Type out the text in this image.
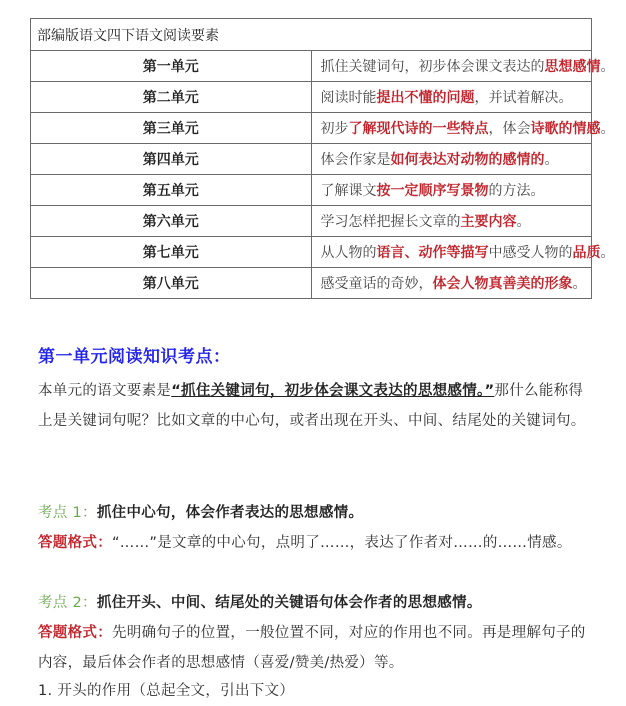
部编版语文四下语文阅读要素	
第一单元	抓住关键词句，初步体会课文表达的思想感情。
第二单元	阅读时能提出不懂的问题，并试着解决。
第三单元	初步了解现代诗的一些特点，体会诗歌的情感。
第四单元	体会作家是如何表达对动物的感情的。
第五单元	了解课文按一定顺序写景物的方法。
第六单元	学习怎样把握长文章的主要内容。
第七单元	从人物的语言、动作等描写中感受人物的品质。
第八单元	感受童话的奇妙，体会人物真善美的形象。
第一单元阅读知识考点：
本单元的语文要素是“抓住关键词句，初步体会课文表达的思想感情。”那什么能称得上是关键词句呢？比如文章的中心句，或者出现在开头、中间、结尾处的关键词句。
考点 1：抓住中心句，体会作者表达的思想感情。
答题格式：“……”是文章的中心句，点明了……，表达了作者对……的……情感。
考点 2：抓住开头、中间、结尾处的关键语句体会作者的思想感情。
答题格式：先明确句子的位置，一般位置不同，对应的作用也不同。再是理解句子的内容，最后体会作者的思想感情（喜爱/赞美/热爱）等。
1. 开头的作用（总起全文，引出下文）
